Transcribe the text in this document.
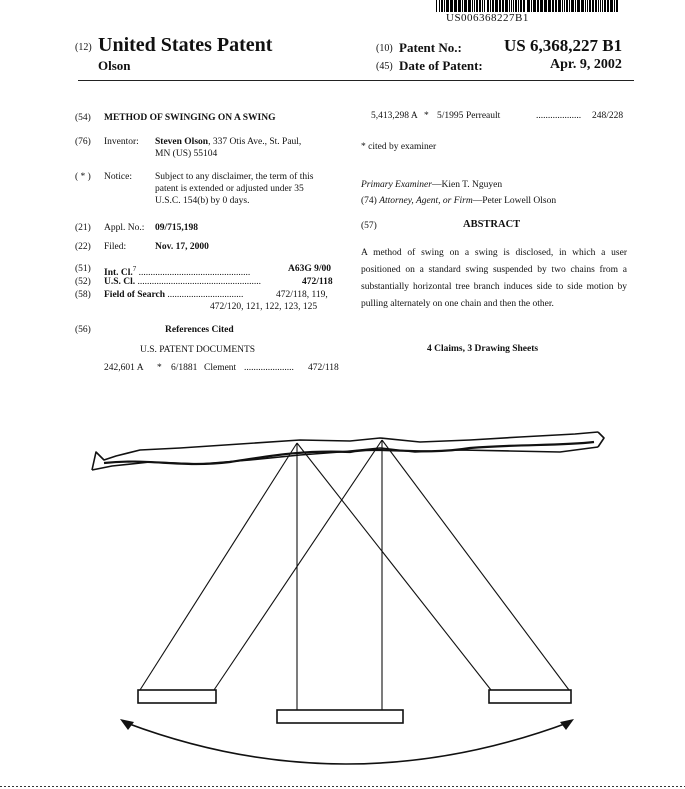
US006368227B1
(12) United States Patent
Olson
(10) Patent No.: US 6,368,227 B1
(45) Date of Patent:	Apr. 9, 2002
(54) METHOD OF SWINGING ON A SWING
(76) Inventor: Steven Olson, 337 Otis Ave., St. Paul,
MN (US) 55104
( * ) Notice: Subject to any disclaimer, the term of this
patent is extended or adjusted under 35
U.S.C. 154(b) by 0 days.
(21) Appl. No.: 09/715,198
(22) Filed:	Nov. 17, 2000
(51) Int. Cl.$^7$ ...............................................	A63G 9/00
(52) U.S. Cl. ....................................................	472/118
(58) Field of Search ................................	472/118, 119,
472/120, 121, 122, 123, 125
(56)	References Cited
U.S. PATENT DOCUMENTS
242,601 A * 6/1881 Clement ..................... 472/118
5,413,298 A * 5/1995 Perreault	................... 248/228
* cited by examiner
Primary Examiner—Kien T. Nguyen
(74) Attorney, Agent, or Firm—Peter Lowell Olson
(57)	ABSTRACT
A method of swing on a swing is disclosed, in which a user positioned on a standard swing suspended by two chains from a substantially horizontal tree branch induces side to side motion by pulling alternately on one chain and then the other.
4 Claims, 3 Drawing Sheets
